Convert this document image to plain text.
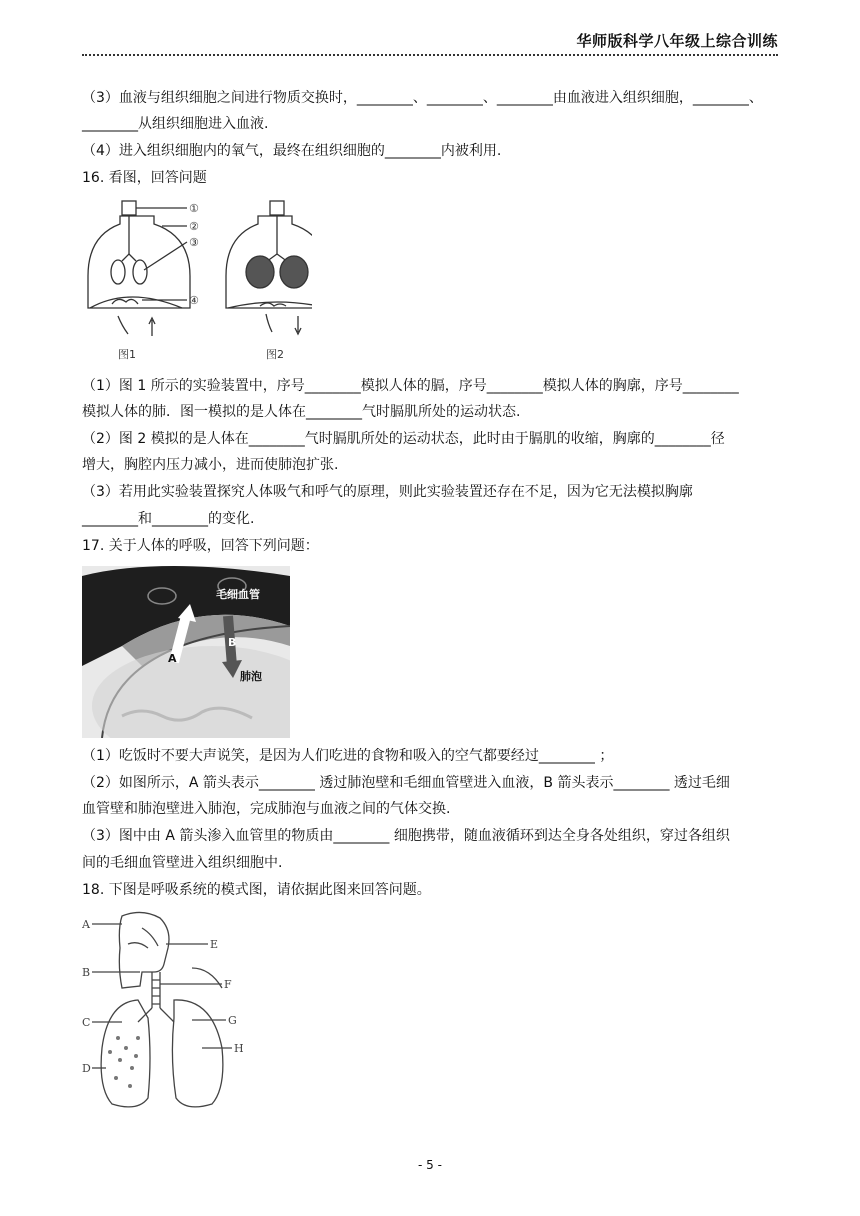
华师版科学八年级上综合训练
（3）血液与组织细胞之间进行物质交换时，________、________、________由血液进入组织细胞，________、
________从组织细胞进入血液.
（4）进入组织细胞内的氧气，最终在组织细胞的________内被利用.
16. 看图，回答问题
①
②
③
④
图1	图2
（1）图 1 所示的实验装置中，序号________模拟人体的膈，序号________模拟人体的胸廓，序号________
模拟人体的肺．图一模拟的是人体在________气时膈肌所处的运动状态.
（2）图 2 模拟的是人体在________气时膈肌所处的运动状态，此时由于膈肌的收缩，胸廓的________径
增大，胸腔内压力减小，进而使肺泡扩张.
（3）若用此实验装置探究人体吸气和呼气的原理，则此实验装置还存在不足，因为它无法模拟胸廓
________和________的变化.
17. 关于人体的呼吸，回答下列问题：
毛细血管
A
B
肺泡
（1）吃饭时不要大声说笑，是因为人们吃进的食物和吸入的空气都要经过________ ；
（2）如图所示，A 箭头表示________ 透过肺泡壁和毛细血管壁进入血液，B 箭头表示________ 透过毛细
血管壁和肺泡壁进入肺泡，完成肺泡与血液之间的气体交换.
（3）图中由 A 箭头渗入血管里的物质由________ 细胞携带，随血液循环到达全身各处组织，穿过各组织
间的毛细血管壁进入组织细胞中.
18. 下图是呼吸系统的模式图，请依据此图来回答问题。
A
B
C
D
E
F
G
H
- 5 -
